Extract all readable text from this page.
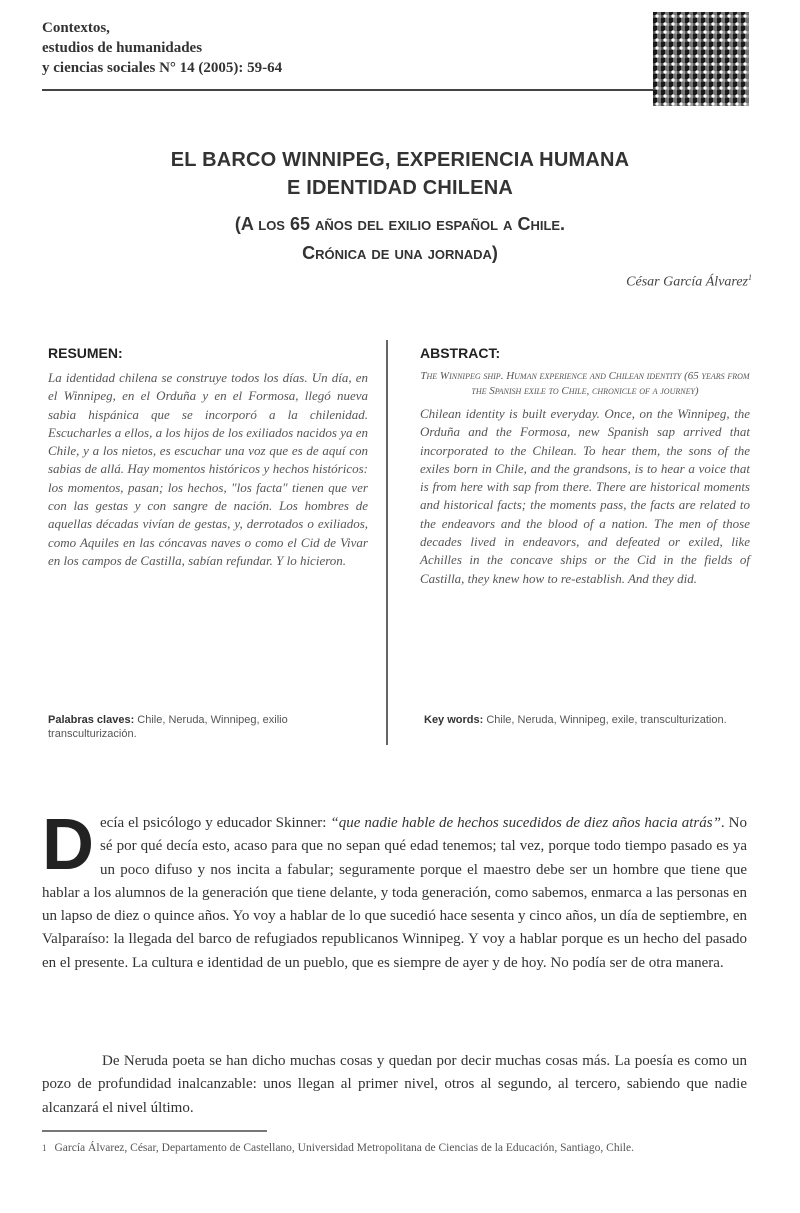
Contextos,
estudios de humanidades
y ciencias sociales N° 14 (2005): 59-64
EL BARCO WINNIPEG, EXPERIENCIA HUMANA
E IDENTIDAD CHILENA
(A los 65 años del exilio español a Chile.
Crónica de una jornada)
César García Álvarez$^1$
RESUMEN:

La identidad chilena se construye todos los días. Un día, en el Winnipeg, en el Orduña y en el Formosa, llegó nueva sabia hispánica que se incorporó a la chilenidad. Escucharles a ellos, a los hijos de los exiliados nacidos ya en Chile, y a los nietos, es escuchar una voz que es de aquí con sabias de allá. Hay momentos históricos y hechos históricos: los momentos, pasan; los hechos, "los facta" tienen que ver con las gestas y con sangre de nación. Los hombres de aquellas décadas vivían de gestas, y, derrotados o exiliados, como Aquiles en las cóncavas naves o como el Cid de Vivar en los campos de Castilla, sabían refundar. Y lo hicieron.

ABSTRACT:

The Winnipeg ship. Human experience and Chilean identity (65 years from the Spanish exile to Chile, chronicle of a journey)

Chilean identity is built everyday. Once, on the Winnipeg, the Orduña and the Formosa, new Spanish sap arrived that incorporated to the Chilean. To hear them, the sons of the exiles born in Chile, and the grandsons, is to hear a voice that is from here with sap from there. There are historical moments and historical facts; the moments pass, the facts are related to the endeavors and the blood of a nation. The men of those decades lived in endeavors, and defeated or exiled, like Achilles in the concave ships or the Cid in the fields of Castilla, they knew how to re-establish. And they did.

Palabras claves: Chile, Neruda, Winnipeg, exilio transculturización.
Key words: Chile, Neruda, Winnipeg, exile, transculturization.
Decía el psicólogo y educador Skinner: “que nadie hable de hechos sucedidos de diez años hacia atrás”. No sé por qué decía esto, acaso para que no sepan qué edad tenemos; tal vez, porque todo tiempo pasado es ya un poco difuso y nos incita a fabular; seguramente porque el maestro debe ser un hombre que tiene que hablar a los alumnos de la generación que tiene delante, y toda generación, como sabemos, enmarca a las personas en un lapso de diez o quince años. Yo voy a hablar de lo que sucedió hace sesenta y cinco años, un día de septiembre, en Valparaíso: la llegada del barco de refugiados republicanos Winnipeg. Y voy a hablar porque es un hecho del pasado en el presente. La cultura e identidad de un pueblo, que es siempre de ayer y de hoy. No podía ser de otra manera.
De Neruda poeta se han dicho muchas cosas y quedan por decir muchas cosas más. La poesía es como un pozo de profundidad inalcanzable: unos llegan al primer nivel, otros al segundo, al tercero, sabiendo que nadie alcanzará el nivel último.
$^1$ García Álvarez, César, Departamento de Castellano, Universidad Metropolitana de Ciencias de la Educación, Santiago, Chile.
